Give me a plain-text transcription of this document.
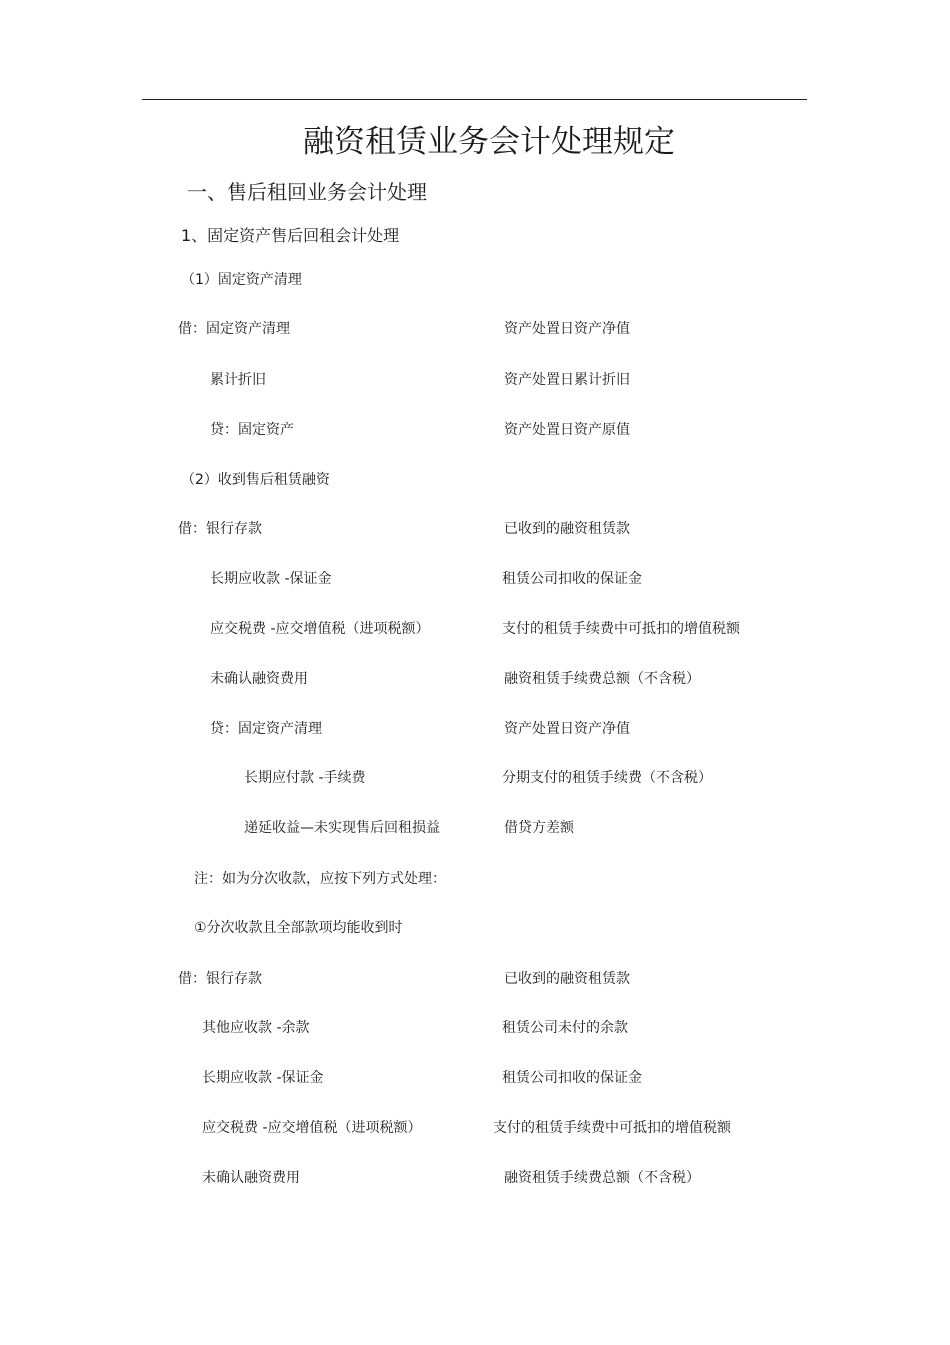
融资租赁业务会计处理规定
一、售后租回业务会计处理
1、固定资产售后回租会计处理
（1）固定资产清理
借：固定资产清理	资产处置日资产净值
累计折旧	资产处置日累计折旧
贷：固定资产	资产处置日资产原值
（2）收到售后租赁融资
借：银行存款	已收到的融资租赁款
长期应收款 -保证金	租赁公司扣收的保证金
应交税费 -应交增值税（进项税额）	支付的租赁手续费中可抵扣的增值税额
未确认融资费用	融资租赁手续费总额（不含税）
贷：固定资产清理	资产处置日资产净值
长期应付款 -手续费	分期支付的租赁手续费（不含税）
递延收益—未实现售后回租损益	借贷方差额
注：如为分次收款，应按下列方式处理：
①分次收款且全部款项均能收到时
借：银行存款	已收到的融资租赁款
其他应收款 -余款	租赁公司未付的余款
长期应收款 -保证金	租赁公司扣收的保证金
应交税费 -应交增值税（进项税额）	支付的租赁手续费中可抵扣的增值税额
未确认融资费用	融资租赁手续费总额（不含税）
